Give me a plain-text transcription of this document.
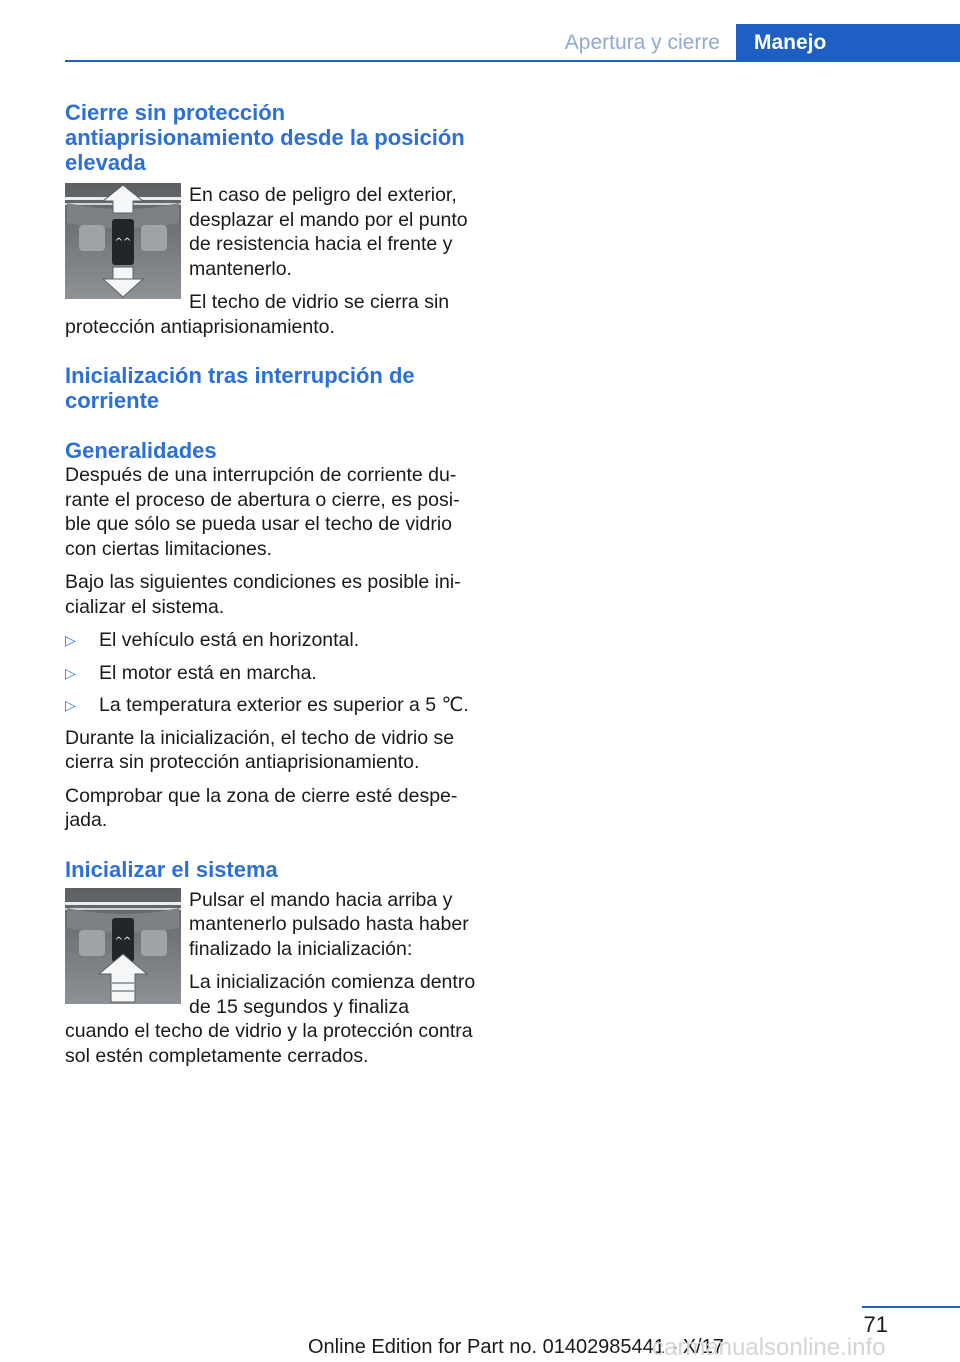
Apertura y cierre	Manejo
Cierre sin protección antiaprisionamiento desde la posición elevada
^^

En caso de peligro del exterior, desplazar el mando por el punto de resistencia hacia el frente y mantenerlo.

El techo de vidrio se cierra sin

protección antiaprisionamiento.

Inicialización tras interrupción de corriente
Generalidades

Después de una interrupción de corriente durante el proceso de abertura o cierre, es posible que sólo se pueda usar el techo de vidrio con ciertas limitaciones.

Bajo las siguientes condiciones es posible inicializar el sistema.

▷	El vehículo está en horizontal.
▷	El motor está en marcha.
▷	La temperatura exterior es superior a 5 ℃.

Durante la inicialización, el techo de vidrio se cierra sin protección antiaprisionamiento.

Comprobar que la zona de cierre esté despejada.

Inicializar el sistema
^^

Pulsar el mando hacia arriba y mantenerlo pulsado hasta haber finalizado la inicialización:

La inicialización comienza dentro de 15 segundos y finaliza

cuando el techo de vidrio y la protección contra sol estén completamente cerrados.

71
Online Edition for Part no. 01402985441 - X/17
carmanualsonline.info
